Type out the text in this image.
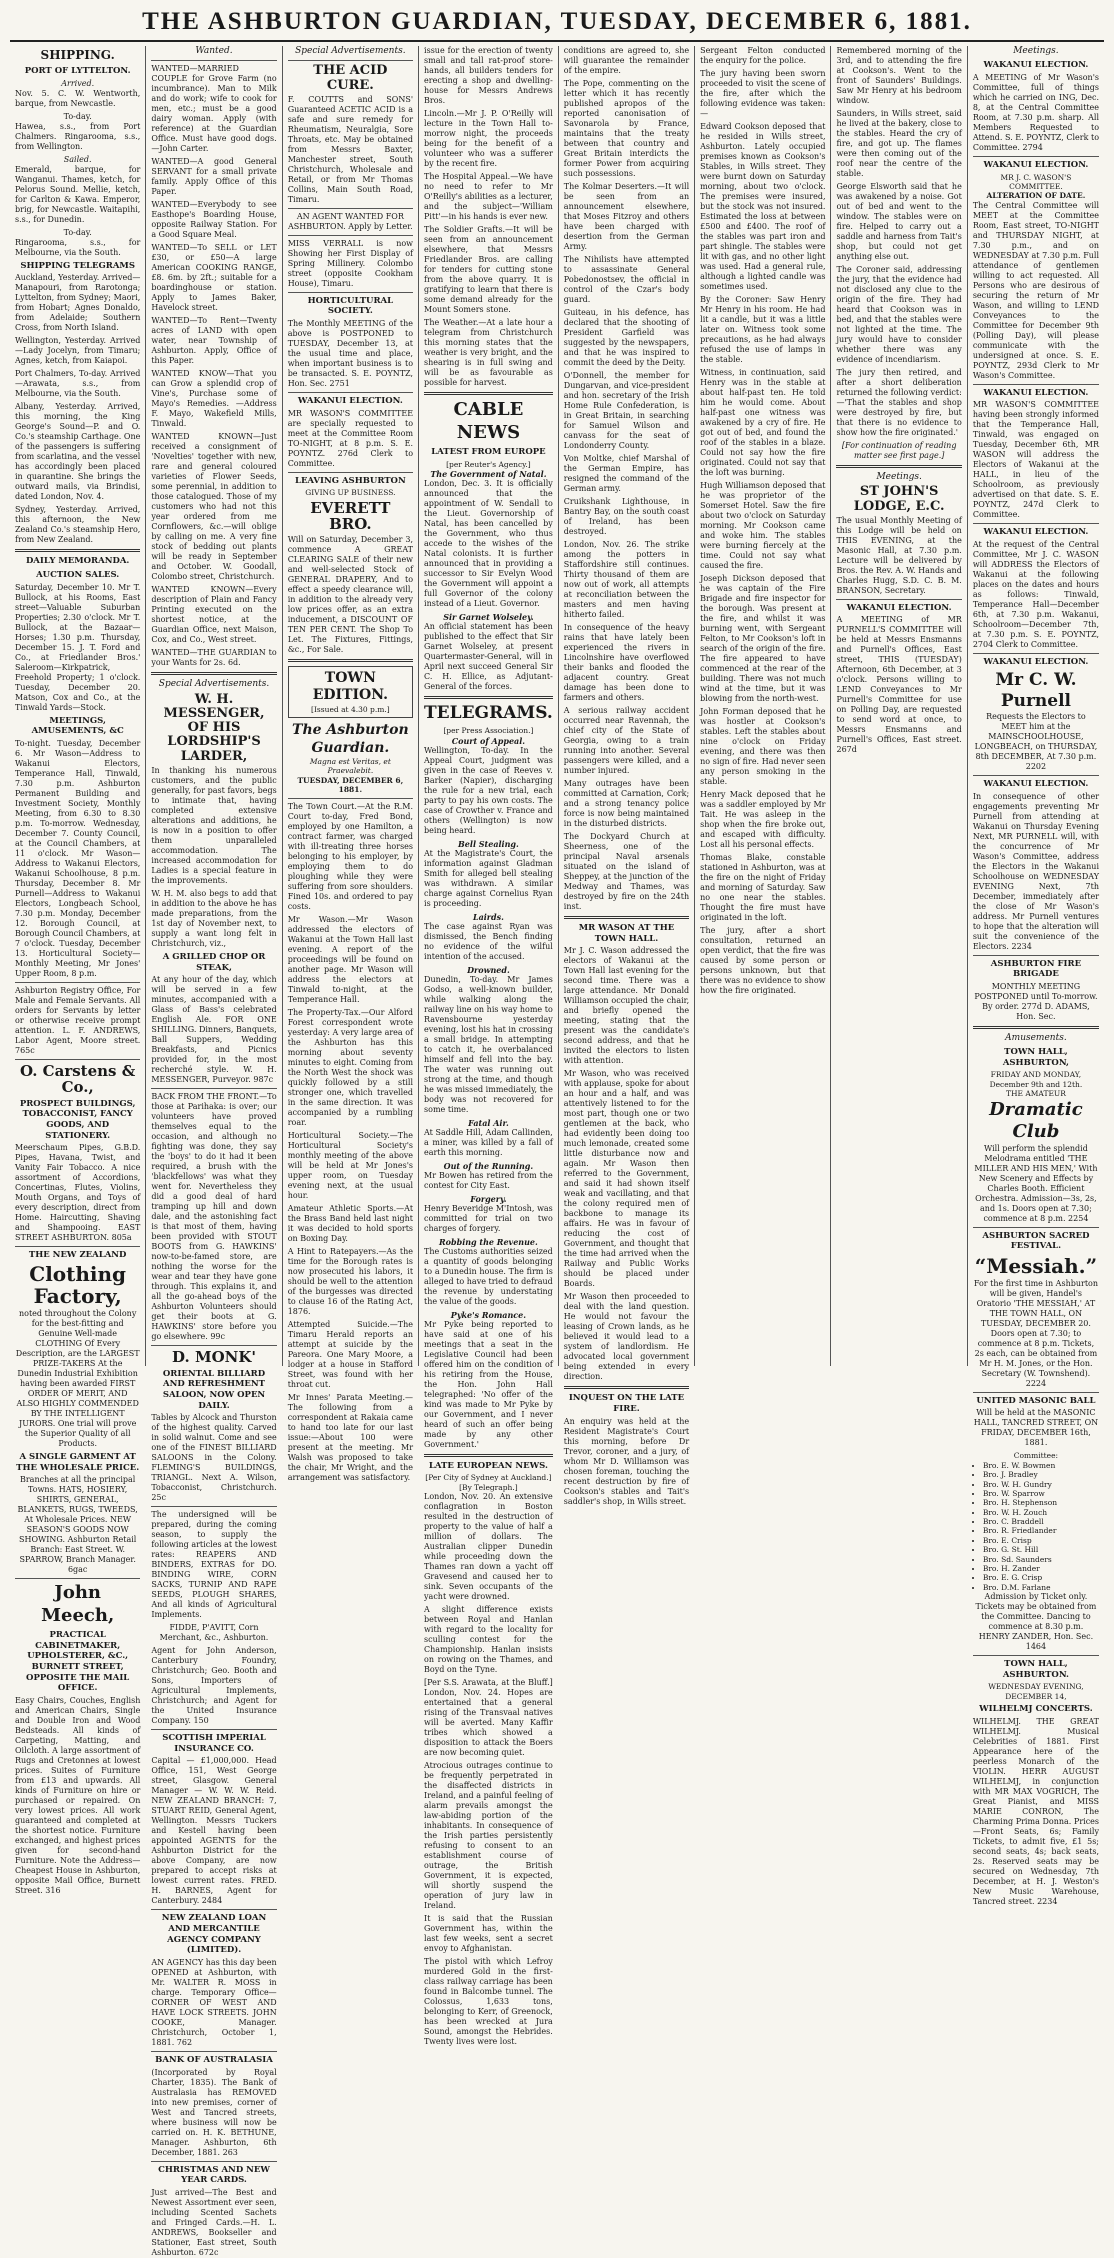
THE ASHBURTON GUARDIAN, TUESDAY, DECEMBER 6, 1881.
SHIPPING.
PORT OF LYTTELTON.
Arrived.

Nov. 5. C. W. Wentworth, barque, from Newcastle.

To-day.

Hawea, s.s., from Port Chalmers. Ringarooma, s.s., from Wellington.

Sailed.

Emerald, barque, for Wanganui. Thames, ketch, for Pelorus Sound. Mellie, ketch, for Carlton & Kawa. Emperor, brig, for Newcastle. Waitapihi, s.s., for Dunedin.

To-day.

Ringarooma, s.s., for Melbourne, via the South.

SHIPPING TELEGRAMS

Auckland, Yesterday. Arrived—Manapouri, from Rarotonga; Lyttelton, from Sydney; Maori, from Hobart; Agnes Donaldo, from Adelaide; Southern Cross, from North Island.

Wellington, Yesterday. Arrived—Lady Jocelyn, from Timaru; Agnes, ketch, from Kaiapoi.

Port Chalmers, To-day. Arrived—Arawata, s.s., from Melbourne, via the South.

Albany, Yesterday. Arrived, this morning, the King George's Sound—P. and O. Co.'s steamship Carthage. One of the passengers is suffering from scarlatina, and the vessel has accordingly been placed in quarantine. She brings the outward mails, via Brindisi, dated London, Nov. 4.

Sydney, Yesterday. Arrived, this afternoon, the New Zealand Co.'s steamship Hero, from New Zealand.

DAILY MEMORANDA.
AUCTION SALES.

Saturday, December 10. Mr T. Bullock, at his Rooms, East street—Valuable Suburban Properties; 2.30 o'clock. Mr T. Bullock, at the Bazaar—Horses; 1.30 p.m. Thursday, December 15. J. T. Ford and Co., at Friedlander Bros.' Saleroom—Kirkpatrick, Freehold Property; 1 o'clock. Tuesday, December 20. Matson, Cox and Co., at the Tinwald Yards—Stock.

MEETINGS, AMUSEMENTS, &C

To-night. Tuesday, December 6. Mr Wason—Address to Wakanui Electors, Temperance Hall, Tinwald, 7.30 p.m. Ashburton Permanent Building and Investment Society, Monthly Meeting, from 6.30 to 8.30 p.m. To-morrow. Wednesday, December 7. County Council, at the Council Chambers, at 11 o'clock. Mr Wason—Address to Wakanui Electors, Wakanui Schoolhouse, 8 p.m. Thursday, December 8. Mr Purnell—Address to Wakanui Electors, Longbeach School, 7.30 p.m. Monday, December 12. Borough Council, at Borough Council Chambers, at 7 o'clock. Tuesday, December 13. Horticultural Society—Monthly Meeting, Mr Jones' Upper Room, 8 p.m.

Ashburton Registry Office, For Male and Female Servants. All orders for Servants by letter or otherwise receive prompt attention. L. F. ANDREWS, Labor Agent, Moore street. 765c

O. Carstens & Co.,
PROSPECT BUILDINGS, TOBACCONIST, FANCY GOODS, AND STATIONERY.

Meerschaum Pipes, G.B.D. Pipes, Havana, Twist, and Vanity Fair Tobacco. A nice assortment of Accordions, Concertinas, Flutes, Violins, Mouth Organs, and Toys of every description, direct from Home. Haircutting, Shaving and Shampooing. EAST STREET ASHBURTON. 805a

THE NEW ZEALAND
Clothing Factory,

noted throughout the Colony for the best-fitting and Genuine Well-made CLOTHING Of Every Description, are the LARGEST PRIZE-TAKERS At the Dunedin Industrial Exhibition having been awarded FIRST ORDER OF MERIT, AND ALSO HIGHLY COMMENDED BY THE INTELLIGENT JURORS. One trial will prove the Superior Quality of all Products.

A SINGLE GARMENT AT THE WHOLESALE PRICE.

Branches at all the principal Towns. HATS, HOSIERY, SHIRTS, GENERAL, BLANKETS, RUGS, TWEEDS, At Wholesale Prices. NEW SEASON'S GOODS NOW SHOWING. Ashburton Retail Branch: East Street. W. SPARROW, Branch Manager. 6gac

John Meech,
PRACTICAL CABINETMAKER, UPHOLSTERER, &C., BURNETT STREET, OPPOSITE THE MAIL OFFICE.

Easy Chairs, Couches, English and American Chairs, Single and Double Iron and Wood Bedsteads. All kinds of Carpeting, Matting, and Oilcloth. A large assortment of Rugs and Cretonnes at lowest prices. Suites of Furniture from £13 and upwards. All kinds of Furniture on hire or purchased or repaired. On very lowest prices. All work guaranteed and completed at the shortest notice. Furniture exchanged, and highest prices given for second-hand Furniture. Note the Address—Cheapest House in Ashburton, opposite Mail Office, Burnett Street. 316

Wanted.

WANTED—MARRIED COUPLE for Grove Farm (no incumbrance). Man to Milk and do work; wife to cook for men, etc.; must be a good dairy woman. Apply (with reference) at the Guardian Office. Must have good dogs.—John Carter.

WANTED—A good General SERVANT for a small private family. Apply Office of this Paper.

WANTED—Everybody to see Easthope's Boarding House, opposite Railway Station. For a Good Square Meal.

WANTED—To SELL or LET £30, or £50—A large American COOKING RANGE, £8. 6m. by 2ft.; suitable for a boardinghouse or station. Apply to James Baker, Havelock street.

WANTED—To Rent—Twenty acres of LAND with open water, near Township of Ashburton. Apply, Office of this Paper.

WANTED KNOW—That you can Grow a splendid crop of Vine's, Purchase some of Mayo's Remedies. —Address F. Mayo, Wakefield Mills, Tinwald.

WANTED KNOWN—Just received a consignment of 'Novelties' together with new, rare and general coloured varieties of Flower Seeds, some perennial, in addition to those catalogued. Those of my customers who had not this year ordered from me Cornflowers, &c.—will oblige by calling on me. A very fine stock of bedding out plants will be ready in September and October. W. Goodall, Colombo street, Christchurch.

WANTED KNOWN—Every description of Plain and Fancy Printing executed on the shortest notice, at the Guardian Office, next Maison, Cox, and Co., West street.

WANTED—THE GUARDIAN to your Wants for 2s. 6d.

Special Advertisements.
W. H. MESSENGER, OF HIS LORDSHIP'S LARDER,

In thanking his numerous customers, and the public generally, for past favors, begs to intimate that, having completed extensive alterations and additions, he is now in a position to offer them unparalleled accommodation. The increased accommodation for Ladies is a special feature in the improvements.

W. H. M. also begs to add that in addition to the above he has made preparations, from the 1st day of November next, to supply a want long felt in Christchurch, viz.,

A GRILLED CHOP OR STEAK,

At any hour of the day, which will be served in a few minutes, accompanied with a Glass of Bass's celebrated English Ale. FOR ONE SHILLING. Dinners, Banquets, Ball Suppers, Wedding Breakfasts, and Picnics provided for, in the most recherché style. W. H. MESSENGER, Purveyor. 987c

BACK FROM THE FRONT.—To those at Parihaka: is over; our volunteers have proved themselves equal to the occasion, and although no fighting was done, they say the 'boys' to do it had it been required, a brush with the 'blackfellows' was what they went for. Nevertheless they did a good deal of hard tramping up hill and down dale, and the astonishing fact is that most of them, having been provided with STOUT BOOTS from G. HAWKINS' now-to-be-famed store, are nothing the worse for the wear and tear they have gone through. This explains it, and all the go-ahead boys of the Ashburton Volunteers should get their boots at G. HAWKINS' store before you go elsewhere. 99c

D. MONK'
ORIENTAL BILLIARD AND REFRESHMENT SALOON, NOW OPEN DAILY.

Tables by Alcock and Thurston of the highest quality. Carved in solid walnut. Come and see one of the FINEST BILLIARD SALOONS in the Colony. FLEMING'S BUILDINGS, TRIANGL. Next A. Wilson, Tobacconist, Christchurch. 25c

The undersigned will be prepared, during the coming season, to supply the following articles at the lowest rates: REAPERS AND BINDERS, EXTRAS for DO. BINDING WIRE, CORN SACKS, TURNIP AND RAPE SEEDS, PLOUGH SHARES, And all kinds of Agricultural Implements.

FIDDE, P'AVITT, Corn Merchant, &c., Ashburton.

Agent for John Anderson, Canterbury Foundry, Christchurch; Geo. Booth and Sons, Importers of Agricultural Implements, Christchurch; and Agent for the United Insurance Company. 150

SCOTTISH IMPERIAL INSURANCE CO.

Capital — £1,000,000. Head Office, 151, West George street, Glasgow. General Manager — W. W. W. Reid. NEW ZEALAND BRANCH: 7, STUART REID, General Agent, Wellington. Messrs Tuckers and Kestell having been appointed AGENTS for the Ashburton District for the above Company, are now prepared to accept risks at lowest current rates. FRED. H. BARNES, Agent for Canterbury. 2484

NEW ZEALAND LOAN AND MERCANTILE AGENCY COMPANY (LIMITED).

AN AGENCY has this day been OPENED at Ashburton, with Mr. WALTER R. MOSS in charge. Temporary Office—CORNER OF WEST AND HAVE LOCK STREETS. JOHN COOKE, Manager. Christchurch, October 1, 1881. 762

BANK OF AUSTRALASIA

(Incorporated by Royal Charter, 1835). The Bank of Australasia has REMOVED into new premises, corner of West and Tancred streets, where business will now be carried on. H. K. BETHUNE, Manager. Ashburton, 6th December, 1881. 263

CHRISTMAS AND NEW YEAR CARDS.

Just arrived—The Best and Newest Assortment ever seen, including Scented Sachets and Fringed Cards.—H. L. ANDREWS, Bookseller and Stationer, East street, South Ashburton. 672c

Special Advertisements.
THE ACID CURE.

F. COUTTS and SONS' Guaranteed ACETIC ACID is a safe and sure remedy for Rheumatism, Neuralgia, Sore Throats, etc. May be obtained from Messrs Baxter, Manchester street, South Christchurch, Wholesale and Retail, or from Mr Thomas Collins, Main South Road, Timaru.

AN AGENT WANTED FOR ASHBURTON. Apply by Letter.

MISS VERRALL is now Showing her First Display of Spring Millinery. Colombo street (opposite Cookham House), Timaru.

HORTICULTURAL SOCIETY.

The Monthly MEETING of the above is POSTPONED to TUESDAY, December 13, at the usual time and place, when important business is to be transacted. S. E. POYNTZ, Hon. Sec. 2751

WAKANUI ELECTION.

MR WASON'S COMMITTEE are specially requested to meet at the Committee Room TO-NIGHT, at 8 p.m. S. E. POYNTZ. 276d Clerk to Committee.

LEAVING ASHBURTON
GIVING UP BUSINESS.
EVERETT BRO.

Will on Saturday, December 3, commence A GREAT CLEARING SALE of their new and well-selected Stock of GENERAL DRAPERY, And to effect a speedy clearance will, in addition to the already very low prices offer, as an extra inducement, a DISCOUNT OF TEN PER CENT. The Shop To Let. The Fixtures, Fittings, &c., For Sale.

TOWN EDITION.
[Issued at 4.30 p.m.]
The Ashburton Guardian.
Magna est Veritas, et Praevalebit.
TUESDAY, DECEMBER 6, 1881.

The Town Court.—At the R.M. Court to-day, Fred Bond, employed by one Hamilton, a contract farmer, was charged with ill-treating three horses belonging to his employer, by employing them to do ploughing while they were suffering from sore shoulders. Fined 10s. and ordered to pay costs.

Mr Wason.—Mr Wason addressed the electors of Wakanui at the Town Hall last evening. A report of the proceedings will be found on another page. Mr Wason will address the electors at Tinwald to-night, at the Temperance Hall.

The Property-Tax.—Our Alford Forest correspondent wrote yesterday: A very large area of the Ashburton has this morning about seventy minutes to eight. Coming from the North West the shock was quickly followed by a still stronger one, which travelled in the same direction. It was accompanied by a rumbling roar.

Horticultural Society.—The Horticultural Society's monthly meeting of the above will be held at Mr Jones's upper room, on Tuesday evening next, at the usual hour.

Amateur Athletic Sports.—At the Brass Band held last night it was decided to hold sports on Boxing Day.

A Hint to Ratepayers.—As the time for the Borough rates is now prosecuted his labors, it should be well to the attention of the burgesses was directed to clause 16 of the Rating Act, 1876.

Attempted Suicide.—The Timaru Herald reports an attempt at suicide by the Pareora. One Mary Moore, a lodger at a house in Stafford Street, was found with her throat cut.

Mr Innes' Parata Meeting.—The following from a correspondent at Rakaia came to hand too late for our last issue:—About 100 were present at the meeting. Mr Walsh was proposed to take the chair, Mr Wright, and the arrangement was satisfactory.

issue for the erection of twenty small and tall rat-proof store-hands, all builders tenders for erecting a shop and dwelling-house for Messrs Andrews Bros.

Lincoln.—Mr J. P. O'Reilly will lecture in the Town Hall to-morrow night, the proceeds being for the benefit of a volunteer who was a sufferer by the recent fire.

The Hospital Appeal.—We have no need to refer to Mr O'Reilly's abilities as a lecturer, and the subject—'William Pitt'—in his hands is ever new.

The Soldier Grafts.—It will be seen from an announcement elsewhere, that Messrs Friedlander Bros. are calling for tenders for cutting stone from the above quarry. It is gratifying to learn that there is some demand already for the Mount Somers stone.

The Weather.—At a late hour a telegram from Christchurch this morning states that the weather is very bright, and the shearing is in full swing and will be as favourable as possible for harvest.

CABLE NEWS
LATEST FROM EUROPE
[per Reuter's Agency.]
The Government of Natal.

London, Dec. 3. It is officially announced that the appointment of W. Sendall to the Lieut. Governorship of Natal, has been cancelled by the Government, who thus accede to the wishes of the Natal colonists. It is further announced that in providing a successor to Sir Evelyn Wood the Government will appoint a full Governor of the colony instead of a Lieut. Governor.

Sir Garnet Wolseley.

An official statement has been published to the effect that Sir Garnet Wolseley, at present Quartermaster-General, will in April next succeed General Sir C. H. Ellice, as Adjutant-General of the forces.

TELEGRAMS.
[per Press Association.]
Court of Appeal.

Wellington, To-day. In the Appeal Court, judgment was given in the case of Reeves v. Barker (Napier), discharging the rule for a new trial, each party to pay his own costs. The case of Crowther v. France and others (Wellington) is now being heard.

Bell Stealing.

At the Magistrate's Court, the information against Gladman Smith for alleged bell stealing was withdrawn. A similar charge against Cornelius Ryan is proceeding.

Lairds.

The case against Ryan was dismissed, the Bench finding no evidence of the wilful intention of the accused.

Drowned.

Dunedin, To-day. Mr James Godso, a well-known builder, while walking along the railway line on his way home to Ravensbourne yesterday evening, lost his hat in crossing a small bridge. In attempting to catch it, he overbalanced himself and fell into the bay. The water was running out strong at the time, and though he was missed immediately, the body was not recovered for some time.

Fatal Air.

At Saddle Hill, Adam Callinden, a miner, was killed by a fall of earth this morning.

Out of the Running.

Mr Bowen has retired from the contest for City East.

Forgery.

Henry Beveridge M'Intosh, was committed for trial on two charges of forgery.

Robbing the Revenue.

The Customs authorities seized a quantity of goods belonging to a Dunedin house. The firm is alleged to have tried to defraud the revenue by understating the value of the goods.

Pyke's Romance.

Mr Pyke being reported to have said at one of his meetings that a seat in the Legislative Council had been offered him on the condition of his retiring from the House, the Hon. John Hall telegraphed: 'No offer of the kind was made to Mr Pyke by our Government, and I never heard of such an offer being made by any other Government.'

LATE EUROPEAN NEWS.
[Per City of Sydney at Auckland.]
[By Telegraph.]

London, Nov. 20. An extensive conflagration in Boston resulted in the destruction of property to the value of half a million of dollars. The Australian clipper Dunedin while proceeding down the Thames ran down a yacht off Gravesend and caused her to sink. Seven occupants of the yacht were drowned.

A slight difference exists between Royal and Hanlan with regard to the locality for sculling contest for the Championship. Hanlan insists on rowing on the Thames, and Boyd on the Tyne.

[Per S.S. Arawata, at the Bluff.] London, Nov. 24. Hopes are entertained that a general rising of the Transvaal natives will be averted. Many Kaffir tribes which showed a disposition to attack the Boers are now becoming quiet.

Atrocious outrages continue to be frequently perpetrated in the disaffected districts in Ireland, and a painful feeling of alarm prevails amongst the law-abiding portion of the inhabitants. In consequence of the Irish parties persistently refusing to consent to an establishment course of outrage, the British Government, it is expected, will shortly suspend the operation of jury law in Ireland.

It is said that the Russian Government has, within the last few weeks, sent a secret envoy to Afghanistan.

The pistol with which Lefroy murdered Gold in the first-class railway carriage has been found in Balcombe tunnel. The Colossus, 1,633 tons, belonging to Kerr, of Greenock, has been wrecked at Jura Sound, amongst the Hebrides. Twenty lives were lost.

conditions are agreed to, she will guarantee the remainder of the empire.

The Pope, commenting on the letter which it has recently published apropos of the reported canonisation of Savonarola by France, maintains that the treaty between that country and Great Britain interdicts the former Power from acquiring such possessions.

The Kolmar Deserters.—It will be seen from an announcement elsewhere, that Moses Fitzroy and others have been charged with desertion from the German Army.

The Nihilists have attempted to assassinate General Pobedonostsev, the official in control of the Czar's body guard.

Guiteau, in his defence, has declared that the shooting of President Garfield was suggested by the newspapers, and that he was inspired to commit the deed by the Deity.

O'Donnell, the member for Dungarvan, and vice-president and hon. secretary of the Irish Home Rule Confederation, is in Great Britain, in searching for Samuel Wilson and canvass for the seat of Londonderry County.

Von Moltke, chief Marshal of the German Empire, has resigned the command of the German army.

Cruikshank Lighthouse, in Bantry Bay, on the south coast of Ireland, has been destroyed.

London, Nov. 26. The strike among the potters in Staffordshire still continues. Thirty thousand of them are now out of work, all attempts at reconciliation between the masters and men having hitherto failed.

In consequence of the heavy rains that have lately been experienced the rivers in Lincolnshire have overflowed their banks and flooded the adjacent country. Great damage has been done to farmers and others.

A serious railway accident occurred near Ravennah, the chief city of the State of Georgia, owing to a train running into another. Several passengers were killed, and a number injured.

Many outrages have been committed at Carnation, Cork; and a strong tenancy police force is now being maintained in the disturbed districts.

The Dockyard Church at Sheerness, one of the principal Naval arsenals situated on the island of Sheppey, at the junction of the Medway and Thames, was destroyed by fire on the 24th inst.

MR WASON AT THE TOWN HALL.

Mr J. C. Wason addressed the electors of Wakanui at the Town Hall last evening for the second time. There was a large attendance. Mr Donald Williamson occupied the chair, and briefly opened the meeting, stating that the present was the candidate's second address, and that he invited the electors to listen with attention.

Mr Wason, who was received with applause, spoke for about an hour and a half, and was attentively listened to for the most part, though one or two gentlemen at the back, who had evidently been doing too much lemonade, created some little disturbance now and again. Mr Wason then referred to the Government, and said it had shown itself weak and vacillating, and that the colony required men of backbone to manage its affairs. He was in favour of reducing the cost of Government, and thought that the time had arrived when the Railway and Public Works should be placed under Boards.

Mr Wason then proceeded to deal with the land question. He would not favour the leasing of Crown lands, as he believed it would lead to a system of landlordism. He advocated local government being extended in every direction.

INQUEST ON THE LATE FIRE.

An enquiry was held at the Resident Magistrate's Court this morning, before Dr Trevor, coroner, and a jury, of whom Mr D. Williamson was chosen foreman, touching the recent destruction by fire of Cookson's stables and Tait's saddler's shop, in Wills street.

Sergeant Felton conducted the enquiry for the police.

The jury having been sworn proceeded to visit the scene of the fire, after which the following evidence was taken:—

Edward Cookson deposed that he resided in Wills street, Ashburton. Lately occupied premises known as Cookson's Stables, in Wills street. They were burnt down on Saturday morning, about two o'clock. The premises were insured, but the stock was not insured. Estimated the loss at between £500 and £400. The roof of the stables was part iron and part shingle. The stables were lit with gas, and no other light was used. Had a general rule, although a lighted candle was sometimes used.

By the Coroner: Saw Henry Mr Henry in his room. He had lit a candle, but it was a little later on. Witness took some precautions, as he had always refused the use of lamps in the stable.

Witness, in continuation, said Henry was in the stable at about half-past ten. He told him he would come. About half-past one witness was awakened by a cry of fire. He got out of bed, and found the roof of the stables in a blaze. Could not say how the fire originated. Could not say that the loft was burning.

Hugh Williamson deposed that he was proprietor of the Somerset Hotel. Saw the fire about two o'clock on Saturday morning. Mr Cookson came and woke him. The stables were burning fiercely at the time. Could not say what caused the fire.

Joseph Dickson deposed that he was captain of the Fire Brigade and fire inspector for the borough. Was present at the fire, and whilst it was burning went, with Sergeant Felton, to Mr Cookson's loft in search of the origin of the fire. The fire appeared to have commenced at the rear of the building. There was not much wind at the time, but it was blowing from the north-west.

John Forman deposed that he was hostler at Cookson's stables. Left the stables about nine o'clock on Friday evening, and there was then no sign of fire. Had never seen any person smoking in the stable.

Henry Mack deposed that he was a saddler employed by Mr Tait. He was asleep in the shop when the fire broke out, and escaped with difficulty. Lost all his personal effects.

Thomas Blake, constable stationed in Ashburton, was at the fire on the night of Friday and morning of Saturday. Saw no one near the stables. Thought the fire must have originated in the loft.

The jury, after a short consultation, returned an open verdict, that the fire was caused by some person or persons unknown, but that there was no evidence to show how the fire originated.

Remembered morning of the 3rd, and to attending the fire at Cookson's. Went to the front of Saunders' Buildings. Saw Mr Henry at his bedroom window.

Saunders, in Wills street, said he lived at the bakery, close to the stables. Heard the cry of fire, and got up. The flames were then coming out of the roof near the centre of the stable.

George Elsworth said that he was awakened by a noise. Got out of bed and went to the window. The stables were on fire. Helped to carry out a saddle and harness from Tait's shop, but could not get anything else out.

The Coroner said, addressing the jury, that the evidence had not disclosed any clue to the origin of the fire. They had heard that Cookson was in bed, and that the stables were not lighted at the time. The jury would have to consider whether there was any evidence of incendiarism.

The jury then retired, and after a short deliberation returned the following verdict:—'That the stables and shop were destroyed by fire, but that there is no evidence to show how the fire originated.'

[For continuation of reading matter see first page.]

Meetings.
ST JOHN'S LODGE, E.C.

The usual Monthly Meeting of this Lodge will be held on THIS EVENING, at the Masonic Hall, at 7.30 p.m. Lecture will be delivered by Bros. the Rev. A. W. Hands and Charles Hugg, S.D. C. B. M. BRANSON, Secretary.

WAKANUI ELECTION.

A MEETING of MR PURNELL'S COMMITTEE will be held at Messrs Ensmanns and Purnell's Offices, East street, THIS (TUESDAY) Afternoon, 6th December, at 3 o'clock. Persons willing to LEND Conveyances to Mr Purnell's Committee for use on Polling Day, are requested to send word at once, to Messrs Ensmanns and Purnell's Offices, East street. 267d

Meetings.
WAKANUI ELECTION.

A MEETING of Mr Wason's Committee, full of things which he carried on ING, Dec. 8, at the Central Committee Room, at 7.30 p.m. sharp. All Members Requested to Attend. S. E. POYNTZ, Clerk to Committee. 2794

WAKANUI ELECTION.
MR J. C. WASON'S COMMITTEE.
ALTERATION OF DATE.

The Central Committee will MEET at the Committee Room, East street, TO-NIGHT and THURSDAY NIGHT, at 7.30 p.m., and on WEDNESDAY at 7.30 p.m. Full attendance of gentlemen willing to act requested. All Persons who are desirous of securing the return of Mr Wason, and willing to LEND Conveyances to the Committee for December 9th (Polling Day), will please communicate with the undersigned at once. S. E. POYNTZ, 293d Clerk to Mr Wason's Committee.

WAKANUI ELECTION.

MR WASON'S COMMITTEE having been strongly informed that the Temperance Hall, Tinwald, was engaged on Tuesday, December 6th, MR WASON will address the Electors of Wakanui at the HALL, in lieu of the Schoolroom, as previously advertised on that date. S. E. POYNTZ, 247d Clerk to Committee.

WAKANUI ELECTION.

At the request of the Central Committee, Mr J. C. WASON will ADDRESS the Electors of Wakanui at the following places on the dates and hours as follows: Tinwald, Temperance Hall—December 6th, at 7.30 p.m. Wakanui, Schoolroom—December 7th, at 7.30 p.m. S. E. POYNTZ, 2704 Clerk to Committee.

WAKANUI ELECTION.
Mr C. W. Purnell

Requests the Electors to MEET him at the MAINSCHOOLHOUSE, LONGBEACH, on THURSDAY, 8th DECEMBER, At 7.30 p.m. 2202

WAKANUI ELECTION.

In consequence of other engagements preventing Mr Purnell from attending at Wakanui on Thursday Evening Next, MR PURNELL will, with the concurrence of Mr Wason's Committee, address the Electors in the Wakanui Schoolhouse on WEDNESDAY EVENING Next, 7th December, immediately after the close of Mr Wason's address. Mr Purnell ventures to hope that the alteration will suit the convenience of the Electors. 2234

ASHBURTON FIRE BRIGADE

MONTHLY MEETING POSTPONED until To-morrow. By order. 277d D. ADAMS, Hon. Sec.

Amusements.
TOWN HALL, ASHBURTON,
FRIDAY AND MONDAY, December 9th and 12th.
THE AMATEUR
Dramatic Club

Will perform the splendid Melodrama entitled 'THE MILLER AND HIS MEN,' With New Scenery and Effects by Charles Booth. Efficient Orchestra. Admission—3s, 2s, and 1s. Doors open at 7.30; commence at 8 p.m. 2254

ASHBURTON SACRED FESTIVAL.
“Messiah.”

For the first time in Ashburton will be given, Handel's Oratorio 'THE MESSIAH,' AT THE TOWN HALL, ON TUESDAY, DECEMBER 20. Doors open at 7.30; to commence at 8 p.m. Tickets, 2s each, can be obtained from Mr H. M. Jones, or the Hon. Secretary (W. Townshend). 2224

UNITED MASONIC BALL

Will be held at the MASONIC HALL, TANCRED STREET, ON FRIDAY, DECEMBER 16th, 1881.

Committee:
• Bro. E. W. Bowmen
• Bro. J. Bradley
• Bro. W. H. Gundry
• Bro. W. Sparrow
• Bro. H. Stephenson
• Bro. W. H. Zouch
• Bro. C. Braddell
• Bro. R. Friedlander
• Bro. E. Crisp
• Bro. G. St. Hill
• Bro. Sd. Saunders
• Bro. H. Zander
• Bro. E. G. Crisp
• Bro. D.M. Farlane

Admission by Ticket only. Tickets may be obtained from the Committee. Dancing to commence at 8.30 p.m. HENRY ZANDER, Hon. Sec. 1464

TOWN HALL, ASHBURTON.
WEDNESDAY EVENING, DECEMBER 14,
WILHELMJ CONCERTS.

WILHELMJ. THE GREAT WILHELMJ. Musical Celebrities of 1881. First Appearance here of the peerless Monarch of the VIOLIN. HERR AUGUST WILHELMJ, in conjunction with MR MAX VOGRICH, The Great Pianist, and MISS MARIE CONRON, The Charming Prima Donna. Prices—Front Seats, 6s; Family Tickets, to admit five, £1 5s; second seats, 4s; back seats, 2s. Reserved seats may be secured on Wednesday, 7th December, at H. J. Weston's New Music Warehouse, Tancred street. 2234
